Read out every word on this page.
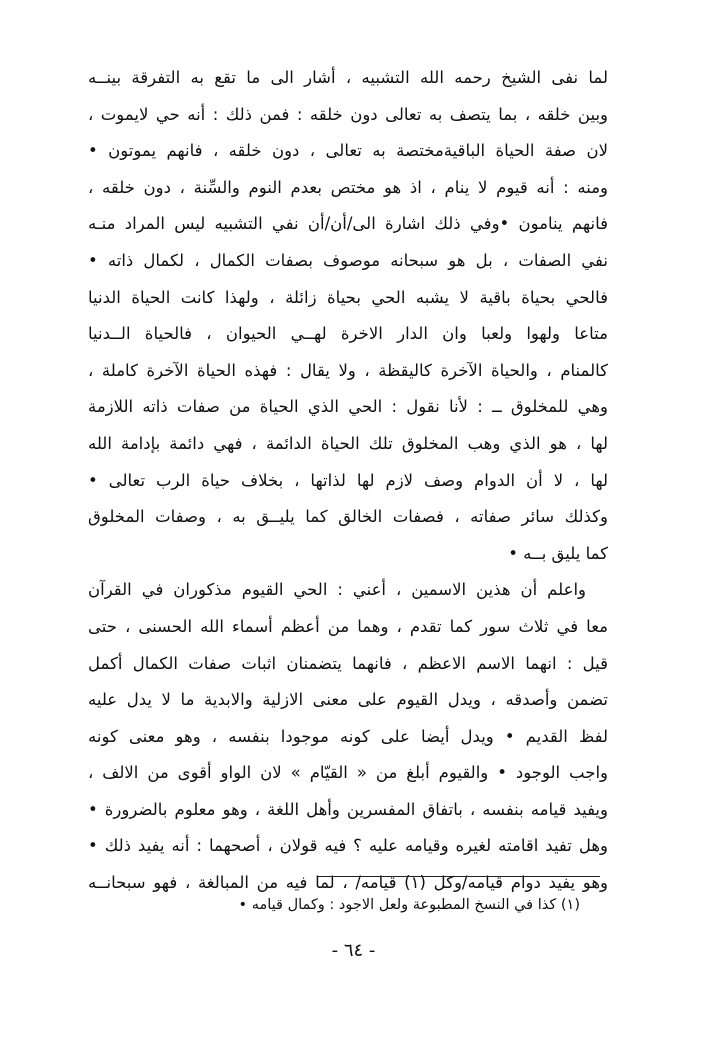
لما نفى الشيخ رحمه الله التشبيه ، أشار الى ما تقع به التفرقة بينــه
وبين خلقه ، بما يتصف به تعالى دون خلقه : فمن ذلك : أنه حي لايموت ،
لان صفة الحياة الباقيةمختصة به تعالى ، دون خلقه ، فانهم يموتون •
ومنه : أنه قيوم لا ينام ، اذ هو مختص بعدم النوم والسِّنة ، دون خلقه ،
فانهم ينامون •وفي ذلك اشارة الى/أن/أن نفي التشبيه ليس المراد منـه
نفي الصفات ، بل هو سبحانه موصوف بصفات الكمال ، لكمال ذاته •
فالحي بحياة باقية لا يشبه الحي بحياة زائلة ، ولهذا كانت الحياة الدنيا
متاعا ولهوا ولعبا وان الدار الاخرة لهــي الحيوان ، فالحياة الــدنيا
كالمنام ، والحياة الآخرة كاليقظة ، ولا يقال : فهذه الحياة الآخرة كاملة ،
وهي للمخلوق ــ : لأنا نقول : الحي الذي الحياة من صفات ذاته اللازمة
لها ، هو الذي وهب المخلوق تلك الحياة الدائمة ، فهي دائمة بإدامة الله
لها ، لا أن الدوام وصف لازم لها لذاتها ، بخلاف حياة الرب تعالى •
وكذلك سائر صفاته ، فصفات الخالق كما يليــق به ، وصفات المخلوق
كما يليق بــه •
واعلم أن هذين الاسمين ، أعني : الحي القيوم مذكوران في القرآن
معا في ثلاث سور كما تقدم ، وهما من أعظم أسماء الله الحسنى ، حتى
قيل : انهما الاسم الاعظم ، فانهما يتضمنان اثبات صفات الكمال أكمل
تضمن وأصدقه ، ويدل القيوم على معنى الازلية والابدية ما لا يدل عليه
لفظ القديم • ويدل أيضا على كونه موجودا بنفسه ، وهو معنى كونه
واجب الوجود • والقيوم أبلغ من « القيّام » لان الواو أقوى من الالف ،
ويفيد قيامه بنفسه ، باتفاق المفسرين وأهل اللغة ، وهو معلوم بالضرورة •
وهل تفيد اقامته لغيره وقيامه عليه ؟ فيه قولان ، أصحهما : أنه يفيد ذلك •
وهو يفيد دوام قيامه/وكل (١) قيامه/ ، لما فيه من المبالغة ، فهو سبحانــه
(١) كذا في النسخ المطبوعة ولعل الاجود : وكمال قيامه •
- ٦٤ -
